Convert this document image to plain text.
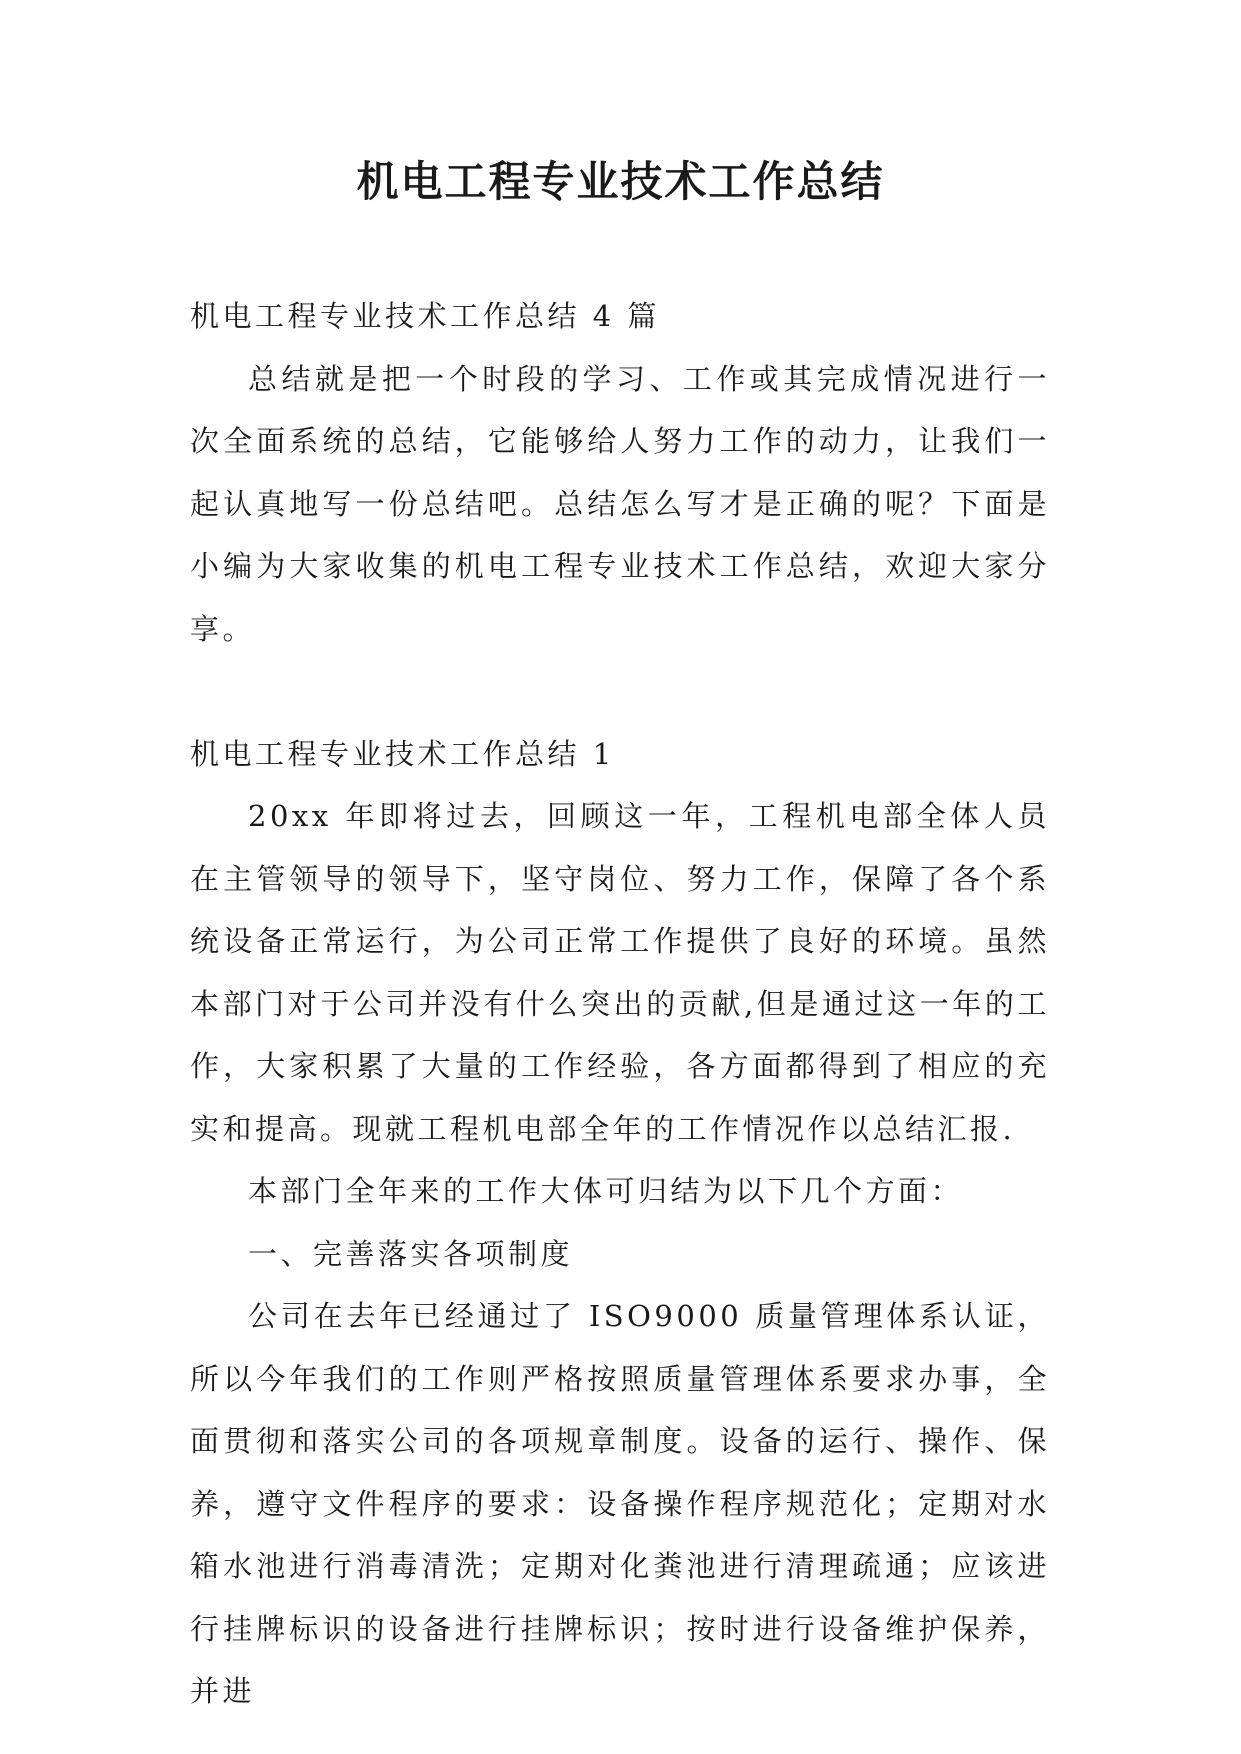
机电工程专业技术工作总结

机电工程专业技术工作总结 4 篇

总结就是把一个时段的学习、工作或其完成情况进行一次全面系统的总结，它能够给人努力工作的动力，让我们一起认真地写一份总结吧。总结怎么写才是正确的呢？下面是小编为大家收集的机电工程专业技术工作总结，欢迎大家分享。

机电工程专业技术工作总结 1

20xx 年即将过去，回顾这一年，工程机电部全体人员在主管领导的领导下，坚守岗位、努力工作，保障了各个系统设备正常运行，为公司正常工作提供了良好的环境。虽然本部门对于公司并没有什么突出的贡献,但是通过这一年的工作，大家积累了大量的工作经验，各方面都得到了相应的充实和提高。现就工程机电部全年的工作情况作以总结汇报.

本部门全年来的工作大体可归结为以下几个方面：

一、完善落实各项制度

公司在去年已经通过了 ISO9000 质量管理体系认证，所以今年我们的工作则严格按照质量管理体系要求办事，全面贯彻和落实公司的各项规章制度。设备的运行、操作、保养，遵守文件程序的要求：设备操作程序规范化；定期对水箱水池进行消毒清洗；定期对化粪池进行清理疏通；应该进行挂牌标识的设备进行挂牌标识；按时进行设备维护保养，并进
